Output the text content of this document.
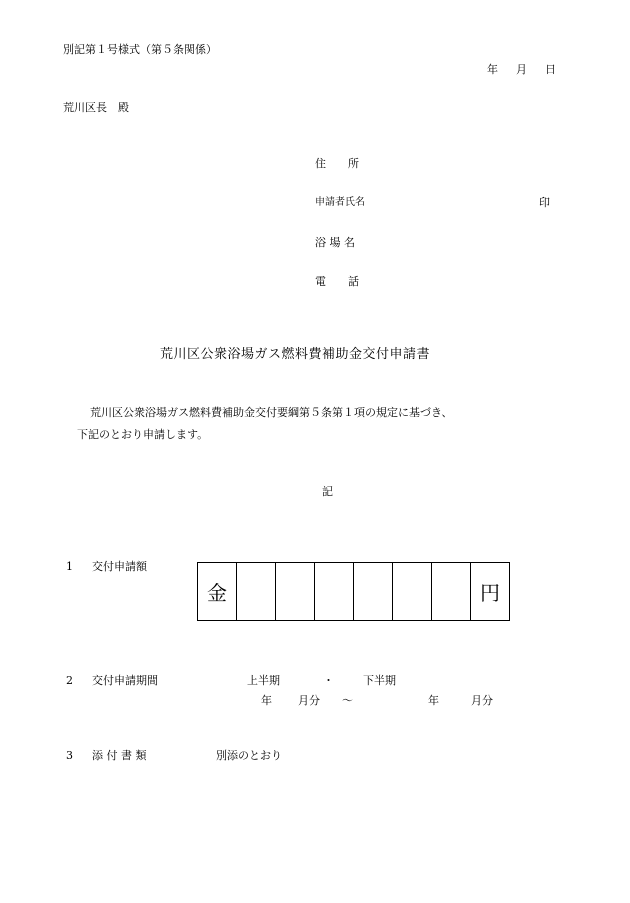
別記第１号様式（第５条関係）
年 月 日
荒川区長　殿
住　　所
申請者氏名	印
浴 場 名
電　　話
荒川区公衆浴場ガス燃料費補助金交付申請書
荒川区公衆浴場ガス燃料費補助金交付要綱第５条第１項の規定に基づき、
下記のとおり申請します。
記
1 交付申請額
金	円
2 交付申請期間	上半期	・	下半期
年 月分 ～	年	月分
3 添 付 書 類	別添のとおり
